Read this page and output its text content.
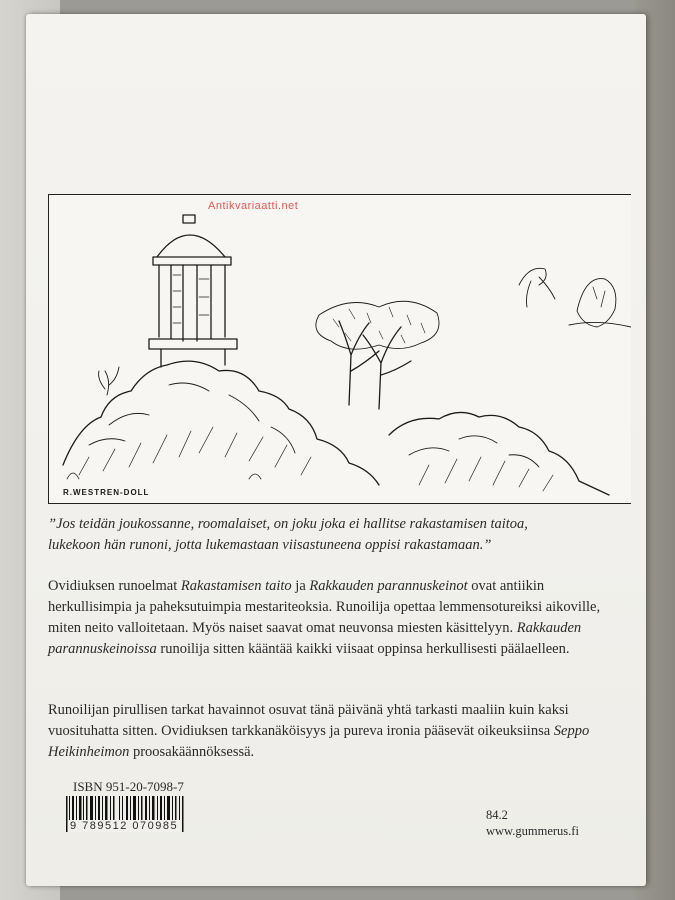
R.WESTREN-DOLL
Antikvariaatti.net
”Jos teidän joukossanne, roomalaiset, on joku joka ei hallitse rakastamisen taitoa,
lukekoon hän runoni, jotta lukemastaan viisastuneena oppisi rakastamaan.”
Ovidiuksen runoelmat Rakastamisen taito ja Rakkauden parannuskeinot ovat antiikin herkullisimpia ja paheksutuimpia mestariteoksia. Runoilija opettaa lemmensotureiksi aikoville, miten neito valloitetaan. Myös naiset saavat omat neuvonsa miesten käsittelyyn. Rakkauden parannuskeinoissa runoilija sitten kääntää kaikki viisaat oppinsa herkullisesti päälaelleen.
Runoilijan pirullisen tarkat havainnot osuvat tänä päivänä yhtä tarkasti maaliin kuin kaksi vuosituhatta sitten. Ovidiuksen tarkkanäköisyys ja pureva ironia pääsevät oikeuksiinsa Seppo Heikinheimon proosakäännöksessä.
ISBN 951-20-7098-7
9 789512 070985
84.2
www.gummerus.fi
